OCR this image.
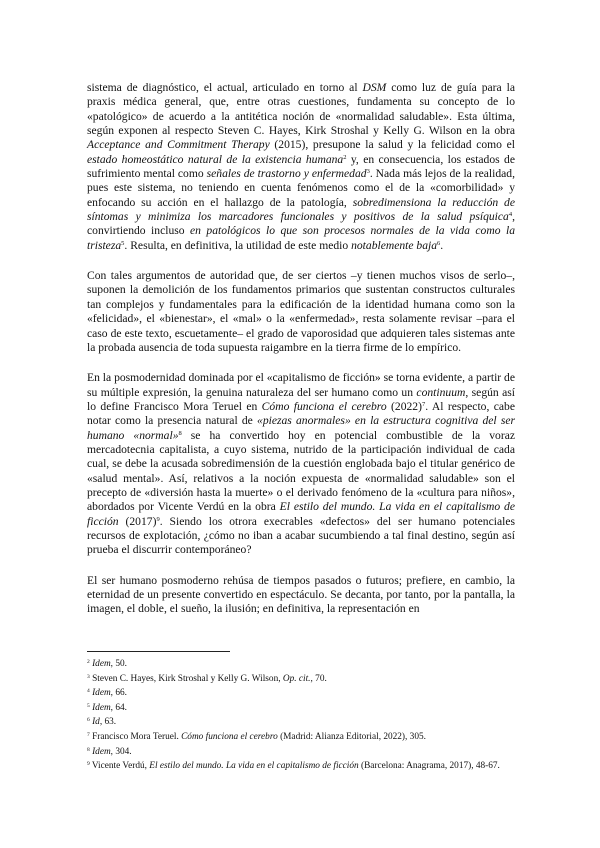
sistema de diagnóstico, el actual, articulado en torno al DSM como luz de guía para la praxis médica general, que, entre otras cuestiones, fundamenta su concepto de lo «patológico» de acuerdo a la antitética noción de «normalidad saludable». Esta última, según exponen al respecto Steven C. Hayes, Kirk Stroshal y Kelly G. Wilson en la obra Acceptance and Commitment Therapy (2015), presupone la salud y la felicidad como el estado homeostático natural de la existencia humana$^2$ y, en consecuencia, los estados de sufrimiento mental como señales de trastorno y enfermedad$^3$. Nada más lejos de la realidad, pues este sistema, no teniendo en cuenta fenómenos como el de la «comorbilidad» y enfocando su acción en el hallazgo de la patología, sobredimensiona la reducción de síntomas y minimiza los marcadores funcionales y positivos de la salud psíquica$^4$, convirtiendo incluso en patológicos lo que son procesos normales de la vida como la tristeza$^5$. Resulta, en definitiva, la utilidad de este medio notablemente baja$^6$.

Con tales argumentos de autoridad que, de ser ciertos –y tienen muchos visos de serlo–, suponen la demolición de los fundamentos primarios que sustentan constructos culturales tan complejos y fundamentales para la edificación de la identidad humana como son la «felicidad», el «bienestar», el «mal» o la «enfermedad», resta solamente revisar –para el caso de este texto, escuetamente– el grado de vaporosidad que adquieren tales sistemas ante la probada ausencia de toda supuesta raigambre en la tierra firme de lo empírico.

En la posmodernidad dominada por el «capitalismo de ficción» se torna evidente, a partir de su múltiple expresión, la genuina naturaleza del ser humano como un continuum, según así lo define Francisco Mora Teruel en Cómo funciona el cerebro $(2022)^7$. Al respecto, cabe notar como la presencia natural de «piezas anormales» en la estructura cognitiva del ser humano «normal»$^8$ se ha convertido hoy en potencial combustible de la voraz mercadotecnia capitalista, a cuyo sistema, nutrido de la participación individual de cada cual, se debe la acusada sobredimensión de la cuestión englobada bajo el titular genérico de «salud mental». Así, relativos a la noción expuesta de «normalidad saludable» son el precepto de «diversión hasta la muerte» o el derivado fenómeno de la «cultura para niños», abordados por Vicente Verdú en la obra El estilo del mundo. La vida en el capitalismo de ficción $(2017)^9$. Siendo los otrora execrables «defectos» del ser humano potenciales recursos de explotación, ¿cómo no iban a acabar sucumbiendo a tal final destino, según así prueba el discurrir contemporáneo?

El ser humano posmoderno rehúsa de tiempos pasados o futuros; prefiere, en cambio, la eternidad de un presente convertido en espectáculo. Se decanta, por tanto, por la pantalla, la imagen, el doble, el sueño, la ilusión; en definitiva, la representación en

$^2$ Idem, 50.
$^3$ Steven C. Hayes, Kirk Stroshal y Kelly G. Wilson, Op. cit., 70.
$^4$ Idem, 66.
$^5$ Idem, 64.
$^6$ Id, 63.
$^7$ Francisco Mora Teruel. Cómo funciona el cerebro (Madrid: Alianza Editorial, 2022), 305.
$^8$ Idem, 304.
$^9$ Vicente Verdú, El estilo del mundo. La vida en el capitalismo de ficción (Barcelona: Anagrama, 2017), 48-67.
